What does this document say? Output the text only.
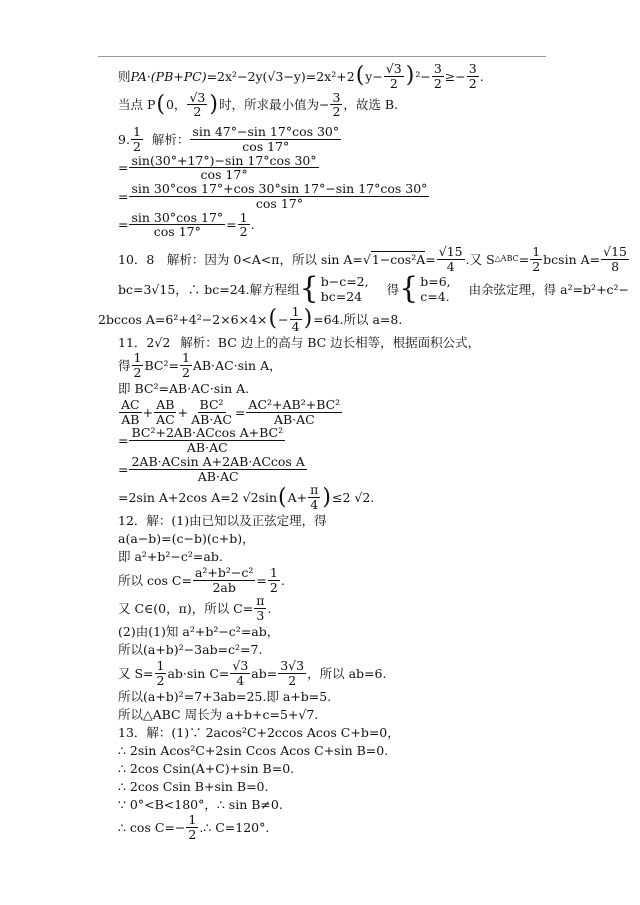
则 PA·(PB+PC) =2x²−2y(√3−y)=2x²+2 ( $y- \frac{√3}{2}$ ) $^2- \frac{3}{2} \ge- \frac{3}{2}$ .
当点 P ( 0，
√3
2 ) 时，所求最小值为− $\frac{3}{2}$ ，故选 B.
9.
1
2 解析：
sin 47°−sin 17°cos 30°
cos 17°
= $\frac{\sin(30^\circ+17^\circ)-\sin 17^\circ\cos 30^\circ}{\cos 17^\circ}$
= $\frac{\sin 30^\circ\cos 17^\circ+\cos 30^\circ\sin 17^\circ-\sin 17^\circ\cos 30^\circ}{\cos 17^\circ}$
= $\frac{\sin 30^\circ\cos 17^\circ}{\cos 17^\circ} = \frac{1}{2}$ .
10．8　解析：因为 0<A<π，所以 sin A=
√ $1-\cos^2A = \frac{√15}{4}$ .又 S △ABC = $\frac{1}{2}$ bcsin $A= \frac{√15}{8}$
bc=3√15，∴ bc=24.解方程组 { b−c=2,
bc=24	得 { b=6,
c=4. 由余弦定理，得 a²=b²+c²−
2bccos A=6²+4²−2×6×4× ( − $\frac{1}{4}$ ) =64.所以 a=8.
11．2 √2 解析：BC 边上的高与 BC 边长相等，根据面积公式，
得
1
2 $BC^2= \frac{1}{2} AB\cdot AC\cdot\sin$ A，
即 BC²=AB·AC·sin A.
AC
AB + $\frac{AB}{AC} + \frac{\text{BC²}}{AB\cdot AC} = \frac{\text{AC²+AB²+BC²}}{AB\cdot AC}$
= $\frac{\text{BC²+2AB·ACcos A+BC²}}{AB\cdot AC}$
= $\frac{\text{2AB·ACsin A+2AB·ACcos A}}{AB\cdot AC}$
=2sin A+2cos A=2 √2sin ( $A+ \frac{\pi}{4}$ ) ≤2 √2.
12．解：(1)由已知以及正弦定理，得
a(a−b)=(c−b)(c+b)，
即 a²+b²−c²=ab.
所以 $\cos C= \frac{\text{a²+b²−c²}}{2ab} = \frac{1}{2}$ .
又 C∈(0，π)，所以 $C= \frac{\pi}{3}$ .
(2)由(1)知 a²+b²−c²=ab，
所以(a+b)²−3ab=c²=7.
又 $S= \frac{1}{2} ab\cdot\sin$ $C= \frac{√3}{4} ab= \frac{3√3}{2}$ ，所以 ab=6.
所以(a+b)²=7+3ab=25.即 a+b=5.
所以△ABC 周长为 a+b+c=5+√7.
13．解：(1)∵ 2acos²C+2ccos Acos C+b=0，
∴ 2sin Acos²C+2sin Ccos Acos C+sin B=0.
∴ 2cos Csin(A+C)+sin B=0.
∴ 2cos Csin B+sin B=0.
∵ 0°<B<180°，∴ sin B≠0.
∴ $\cos C=- \frac{1}{2}$ . ∴ C=120°.
